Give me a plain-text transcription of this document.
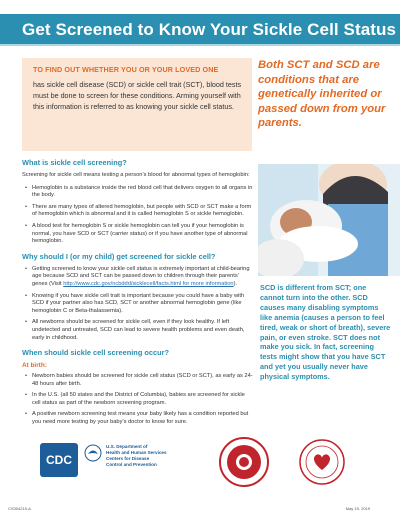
Get Screened to Know Your Sickle Cell Status
TO FIND OUT WHETHER YOU OR YOUR LOVED ONE
has sickle cell disease (SCD) or sickle cell trait (SCT), blood tests must be done to screen for these conditions. Arming yourself with this information is referred to as knowing your sickle cell status.
What is sickle cell screening?
Screening for sickle cell means testing a person’s blood for abnormal types of hemoglobin:
• Hemoglobin is a substance inside the red blood cell that delivers oxygen to all organs in the body.
• There are many types of altered hemoglobin, but people with SCD or SCT make a form of hemoglobin which is abnormal and it is called hemoglobin S or sickle hemoglobin.
• A blood test for hemoglobin S or sickle hemoglobin can tell you if your hemoglobin is normal, you have SCD or SCT (carrier status) or if you have another type of abnormal hemoglobin.
Why should I (or my child) get screened for sickle cell?
• Getting screened to know your sickle cell status is extremely important at child-bearing age because SCD and SCT can be passed down to children through their parents’ genes (Visit http://www.cdc.gov/ncbddd/sicklecell/facts.html for more information).
• Knowing if you have sickle cell trait is important because you could have a baby with SCD if your partner also has SCD, SCT or another abnormal hemoglobin gene (like hemoglobin C or Beta-thalassemia).
• All newborns should be screened for sickle cell, even if they look healthy. If left undetected and untreated, SCD can lead to severe health problems and even death, early in childhood.
When should sickle cell screening occur?
At birth:
• Newborn babies should be screened for sickle cell status (SCD or SCT), as early as 24-48 hours after birth.
• In the U.S. (all 50 states and the District of Columbia), babies are screened for sickle cell status as part of the newborn screening program.
• A positive newborn screening test means your baby likely has a condition reported but you need more testing by your baby’s doctor to know for sure.
Both SCT and SCD are conditions that are genetically inherited or passed down from your parents.
SCD is different from SCT; one cannot turn into the other. SCD causes many disabling symptoms like anemia (causes a person to feel tired, weak or short of breath), severe pain, or even stroke. SCT does not make you sick. In fact, screening tests might show that you have SCT and yet you usually never have physical symptoms.
CDC
U.S. Department of
Health and Human Services
Centers for Disease
Control and Prevention
CS304219-A	May 15, 2019
